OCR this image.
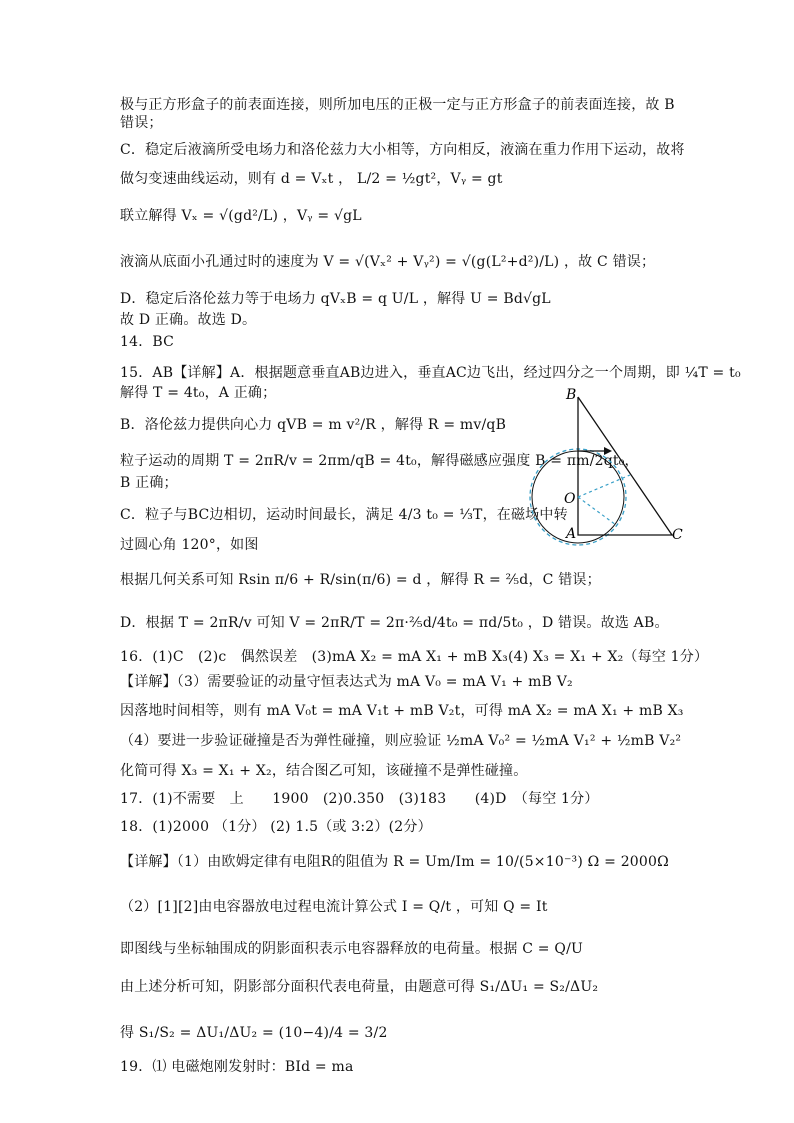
极与正方形盒子的前表面连接，则所加电压的正极一定与正方形盒子的前表面连接，故 B
错误；
C．稳定后液滴所受电场力和洛伦兹力大小相等，方向相反，液滴在重力作用下运动，故将
做匀变速曲线运动，则有 d = Vₓt ， L/2 = ½gt²，Vᵧ = gt
联立解得 Vₓ = √(gd²/L) ，Vᵧ = √gL
液滴从底面小孔通过时的速度为 V = √(Vₓ² + Vᵧ²) = √(g(L²+d²)/L) ，故 C 错误；
D．稳定后洛伦兹力等于电场力 qVₓB = q U/L ，解得 U = Bd√gL
故 D 正确。故选 D。
14．BC
15．AB【详解】A．根据题意垂直AB边进入，垂直AC边飞出，经过四分之一个周期，即 ¼T = t₀
解得 T = 4t₀，A 正确；
B．洛伦兹力提供向心力 qVB = m v²/R ，解得 R = mv/qB
粒子运动的周期 T = 2πR/v = 2πm/qB = 4t₀，解得磁感应强度 B = πm/2qt₀，
B 正确；
C．粒子与BC边相切，运动时间最长，满足 4/3 t₀ = ⅓T，在磁场中转
过圆心角 120°，如图
根据几何关系可知 Rsin π/6 + R/sin(π/6) = d ，解得 R = ⅖d，C 错误；
D．根据 T = 2πR/v 可知 V = 2πR/T = 2π·⅖d/4t₀ = πd/5t₀ ，D 错误。故选 AB。
16．(1)C　(2)c　偶然误差　(3)mA X₂ = mA X₁ + mB X₃(4) X₃ = X₁ + X₂（每空 1分）
【详解】（3）需要验证的动量守恒表达式为 mA V₀ = mA V₁ + mB V₂
因落地时间相等，则有 mA V₀t = mA V₁t + mB V₂t，可得 mA X₂ = mA X₁ + mB X₃
（4）要进一步验证碰撞是否为弹性碰撞，则应验证 ½mA V₀² = ½mA V₁² + ½mB V₂²
化简可得 X₃ = X₁ + X₂，结合图乙可知，该碰撞不是弹性碰撞。
17．(1)不需要　上　　1900　(2)0.350　(3)183　　(4)D　（每空 1分）
18．(1)2000 （1分） (2) 1.5（或 3:2）(2分）
【详解】（1）由欧姆定律有电阻R的阻值为 R = Um/Im = 10/(5×10⁻³) Ω = 2000Ω
（2）[1][2]由电容器放电过程电流计算公式 I = Q/t ，可知 Q = It
即图线与坐标轴围成的阴影面积表示电容器释放的电荷量。根据 C = Q/U
由上述分析可知，阴影部分面积代表电荷量，由题意可得 S₁/ΔU₁ = S₂/ΔU₂
得 S₁/S₂ = ΔU₁/ΔU₂ = (10−4)/4 = 3/2
19．⑴ 电磁炮刚发射时：BId = ma
B
O
A	C
